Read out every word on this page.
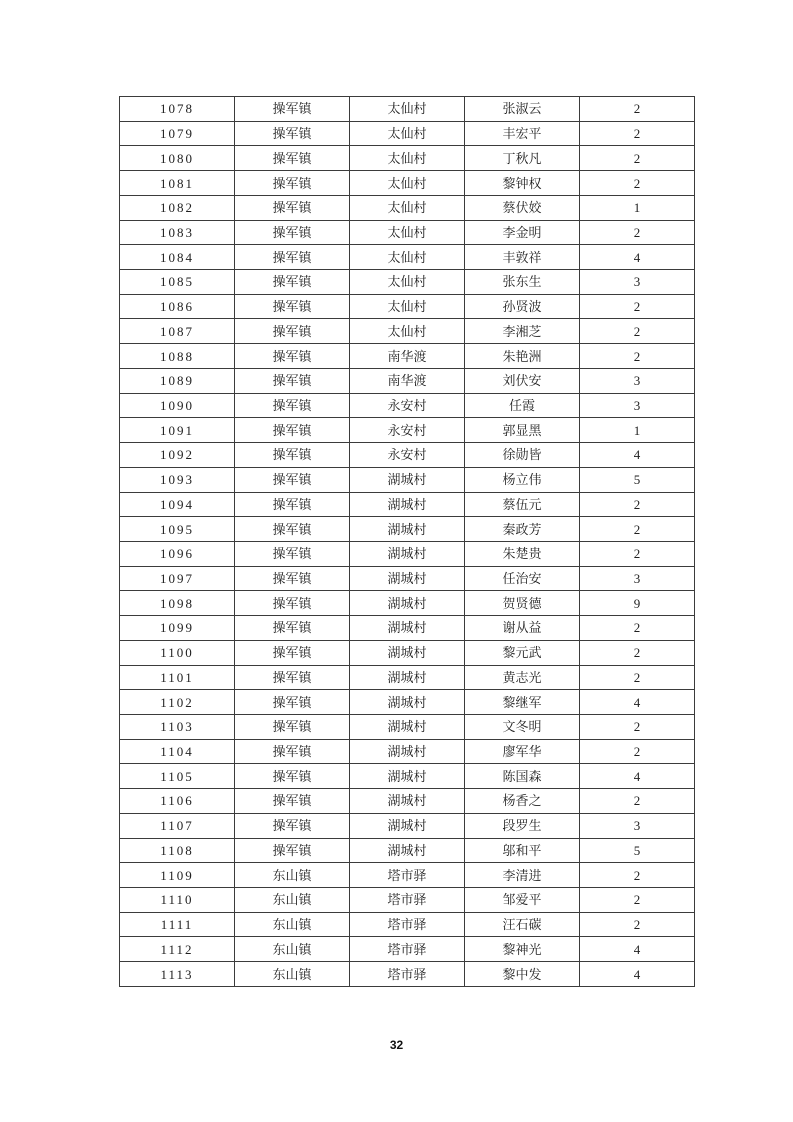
1078	操军镇	太仙村	张淑云	2
1079	操军镇	太仙村	丰宏平	2
1080	操军镇	太仙村	丁秋凡	2
1081	操军镇	太仙村	黎钟权	2
1082	操军镇	太仙村	蔡伏姣	1
1083	操军镇	太仙村	李金明	2
1084	操军镇	太仙村	丰敦祥	4
1085	操军镇	太仙村	张东生	3
1086	操军镇	太仙村	孙贤波	2
1087	操军镇	太仙村	李湘芝	2
1088	操军镇	南华渡	朱艳洲	2
1089	操军镇	南华渡	刘伏安	3
1090	操军镇	永安村	任霞	3
1091	操军镇	永安村	郭显黑	1
1092	操军镇	永安村	徐勋皆	4
1093	操军镇	湖城村	杨立伟	5
1094	操军镇	湖城村	蔡伍元	2
1095	操军镇	湖城村	秦政芳	2
1096	操军镇	湖城村	朱楚贵	2
1097	操军镇	湖城村	任治安	3
1098	操军镇	湖城村	贺贤德	9
1099	操军镇	湖城村	谢从益	2
1100	操军镇	湖城村	黎元武	2
1101	操军镇	湖城村	黄志光	2
1102	操军镇	湖城村	黎继军	4
1103	操军镇	湖城村	文冬明	2
1104	操军镇	湖城村	廖军华	2
1105	操军镇	湖城村	陈国森	4
1106	操军镇	湖城村	杨香之	2
1107	操军镇	湖城村	段罗生	3
1108	操军镇	湖城村	邬和平	5
1109	东山镇	塔市驿	李清进	2
1110	东山镇	塔市驿	邹爱平	2
1111	东山镇	塔市驿	汪石碳	2
1112	东山镇	塔市驿	黎神光	4
1113	东山镇	塔市驿	黎中发	4
32
